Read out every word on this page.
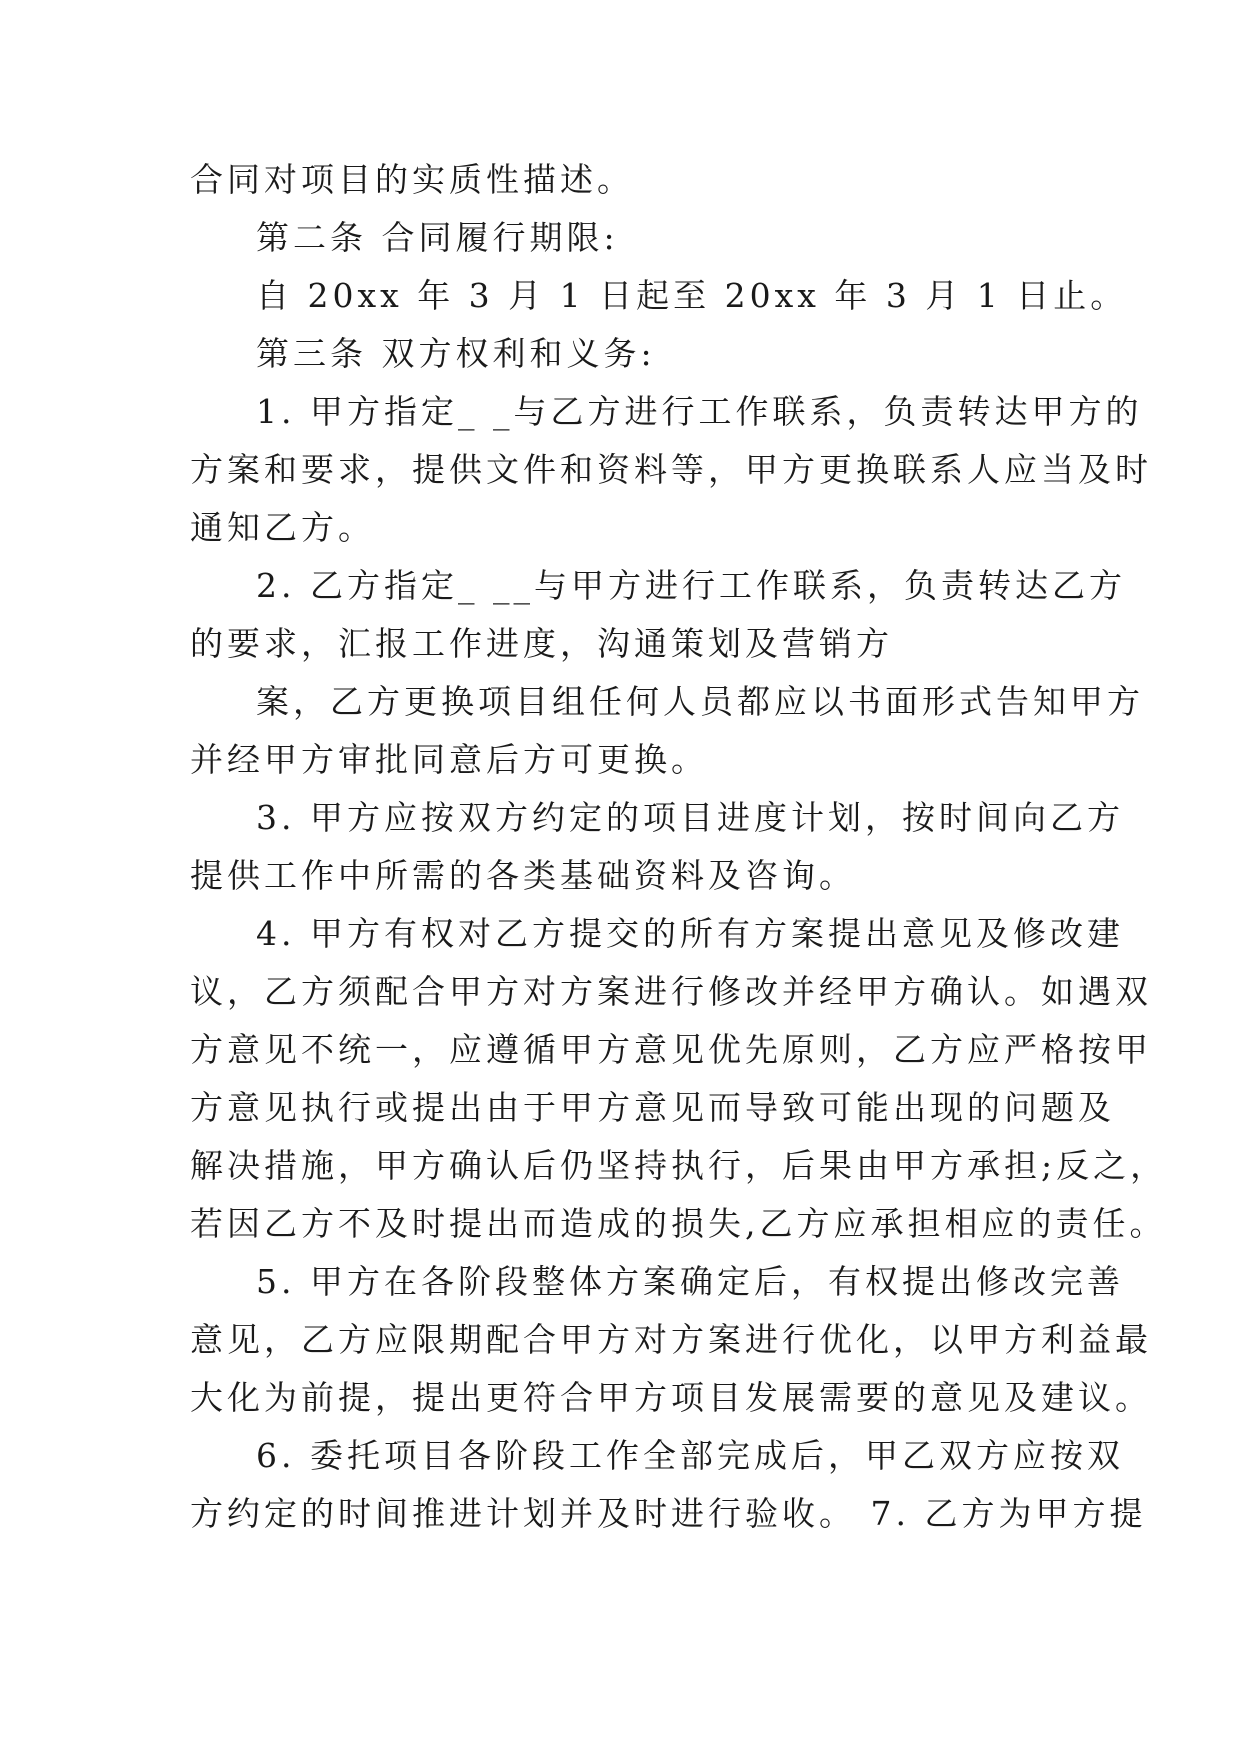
合同对项目的实质性描述。
第二条 合同履行期限:
自 20xx 年 3 月 1 日起至 20xx 年 3 月 1 日止。
第三条 双方权利和义务:
1. 甲方指定_ _与乙方进行工作联系，负责转达甲方的
方案和要求，提供文件和资料等，甲方更换联系人应当及时
通知乙方。
2. 乙方指定_ __与甲方进行工作联系，负责转达乙方
的要求，汇报工作进度，沟通策划及营销方
案，乙方更换项目组任何人员都应以书面形式告知甲方
并经甲方审批同意后方可更换。
3. 甲方应按双方约定的项目进度计划，按时间向乙方
提供工作中所需的各类基础资料及咨询。
4. 甲方有权对乙方提交的所有方案提出意见及修改建
议，乙方须配合甲方对方案进行修改并经甲方确认。如遇双
方意见不统一，应遵循甲方意见优先原则，乙方应严格按甲
方意见执行或提出由于甲方意见而导致可能出现的问题及
解决措施，甲方确认后仍坚持执行，后果由甲方承担;反之，
若因乙方不及时提出而造成的损失,乙方应承担相应的责任。
5. 甲方在各阶段整体方案确定后，有权提出修改完善
意见，乙方应限期配合甲方对方案进行优化，以甲方利益最
大化为前提，提出更符合甲方项目发展需要的意见及建议。
6. 委托项目各阶段工作全部完成后，甲乙双方应按双
方约定的时间推进计划并及时进行验收。 7. 乙方为甲方提
